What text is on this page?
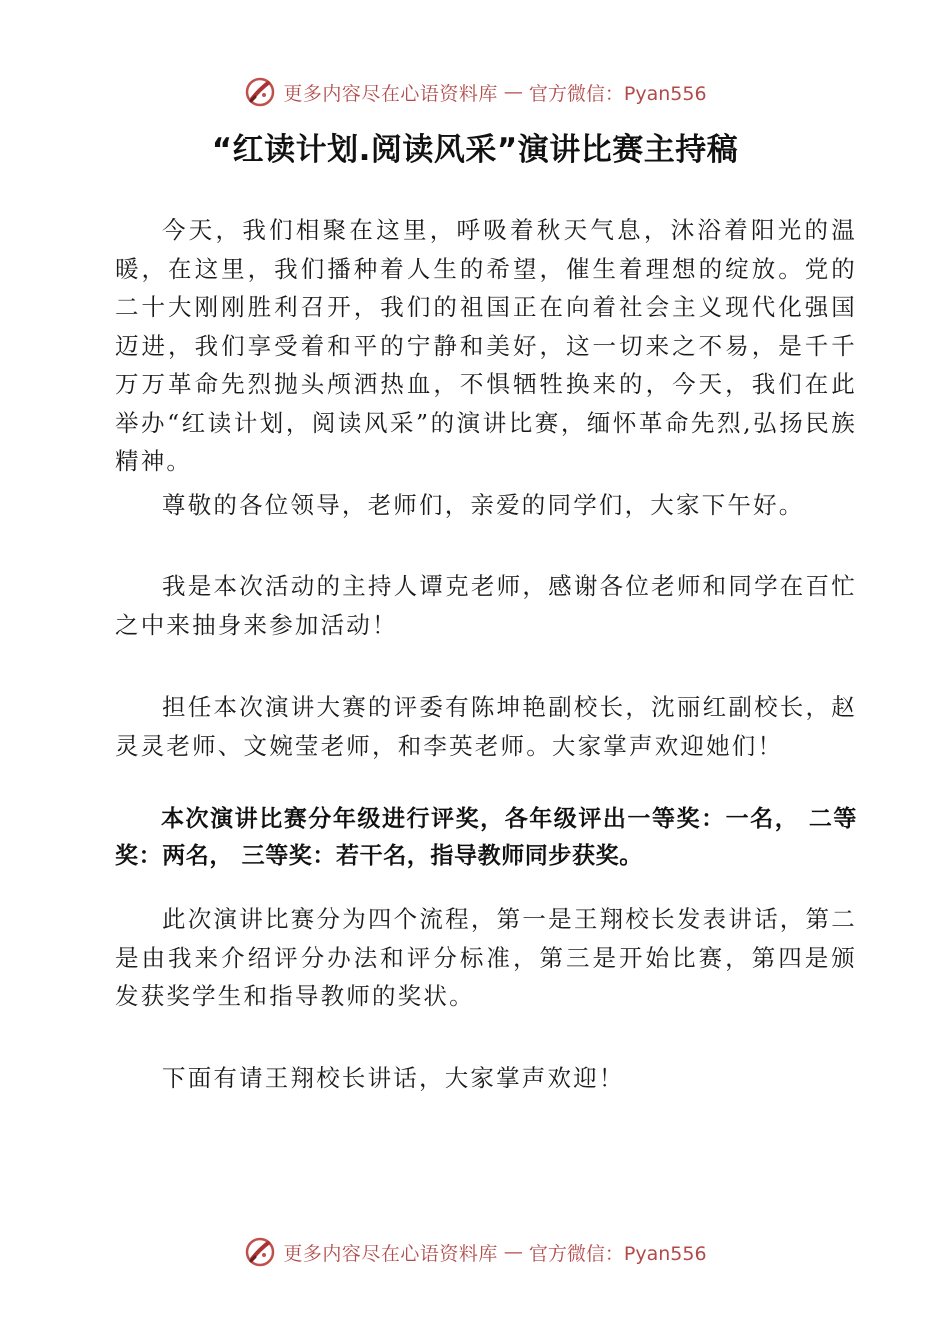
更多内容尽在心语资料库 — 官方微信：Pyan556
“红读计划.阅读风采”演讲比赛主持稿

今天，我们相聚在这里，呼吸着秋天气息，沐浴着阳光的温暖，在这里，我们播种着人生的希望，催生着理想的绽放。党的二十大刚刚胜利召开，我们的祖国正在向着社会主义现代化强国迈进，我们享受着和平的宁静和美好，这一切来之不易，是千千万万革命先烈抛头颅洒热血，不惧牺牲换来的，今天，我们在此举办“红读计划，阅读风采”的演讲比赛，缅怀革命先烈,弘扬民族精神。

尊敬的各位领导，老师们，亲爱的同学们，大家下午好。

我是本次活动的主持人谭克老师，感谢各位老师和同学在百忙之中来抽身来参加活动！

担任本次演讲大赛的评委有陈坤艳副校长，沈丽红副校长，赵灵灵老师、文婉莹老师，和李英老师。大家掌声欢迎她们！

本次演讲比赛分年级进行评奖，各年级评出一等奖：一名， 二等奖：两名， 三等奖：若干名，指导教师同步获奖。

此次演讲比赛分为四个流程，第一是王翔校长发表讲话，第二是由我来介绍评分办法和评分标准，第三是开始比赛，第四是颁发获奖学生和指导教师的奖状。

下面有请王翔校长讲话，大家掌声欢迎！

更多内容尽在心语资料库 — 官方微信：Pyan556
